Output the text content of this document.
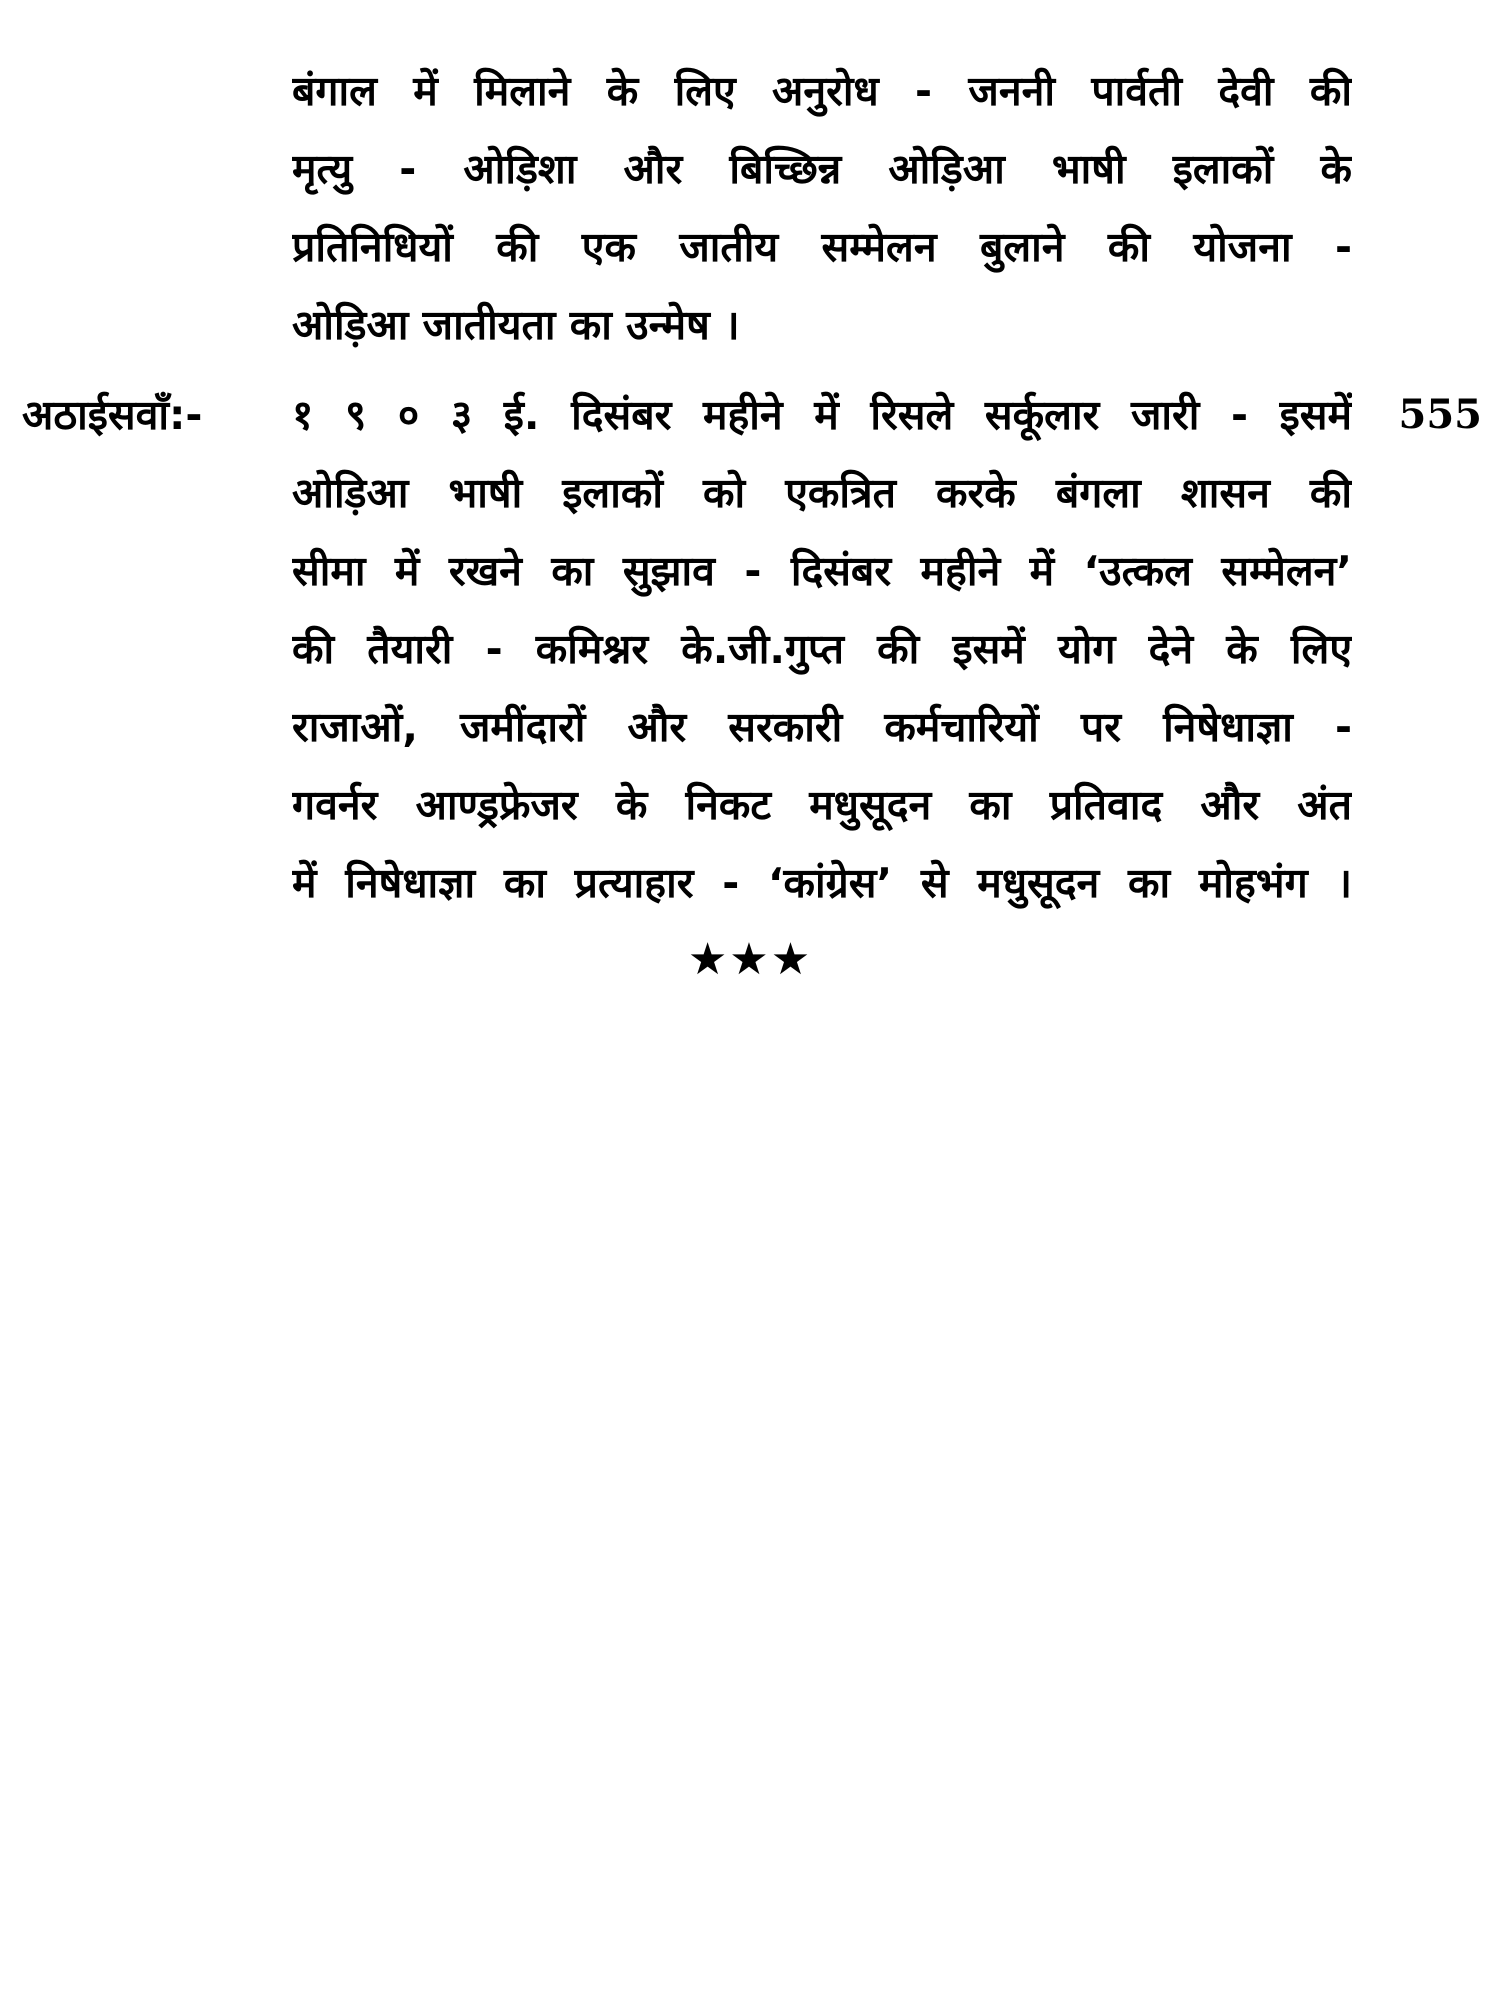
बंगाल में मिलाने के लिए अनुरोध - जननी पार्वती देवी की
मृत्यु - ओड़िशा और बिच्छिन्न ओड़िआ भाषी इलाकों के
प्रतिनिधियों की एक जातीय सम्मेलन बुलाने की योजना -
ओड़िआ जातीयता का उन्मेष ।
अठाईसवाँ:-	१ ९ ० ३ ई. दिसंबर महीने में रिसले सर्कूलार जारी - इसमें
ओड़िआ भाषी इलाकों को एकत्रित करके बंगला शासन की
सीमा में रखने का सुझाव - दिसंबर महीने में ‘उत्कल सम्मेलन’
की तैयारी - कमिश्नर के.जी.गुप्त की इसमें योग देने के लिए
राजाओं, जमींदारों और सरकारी कर्मचारियों पर निषेधाज्ञा -
गवर्नर आण्ड्रफ्रेजर के निकट मधुसूदन का प्रतिवाद और अंत
में निषेधाज्ञा का प्रत्याहार - ‘कांग्रेस’ से मधुसूदन का मोहभंग ।
555
★★★
